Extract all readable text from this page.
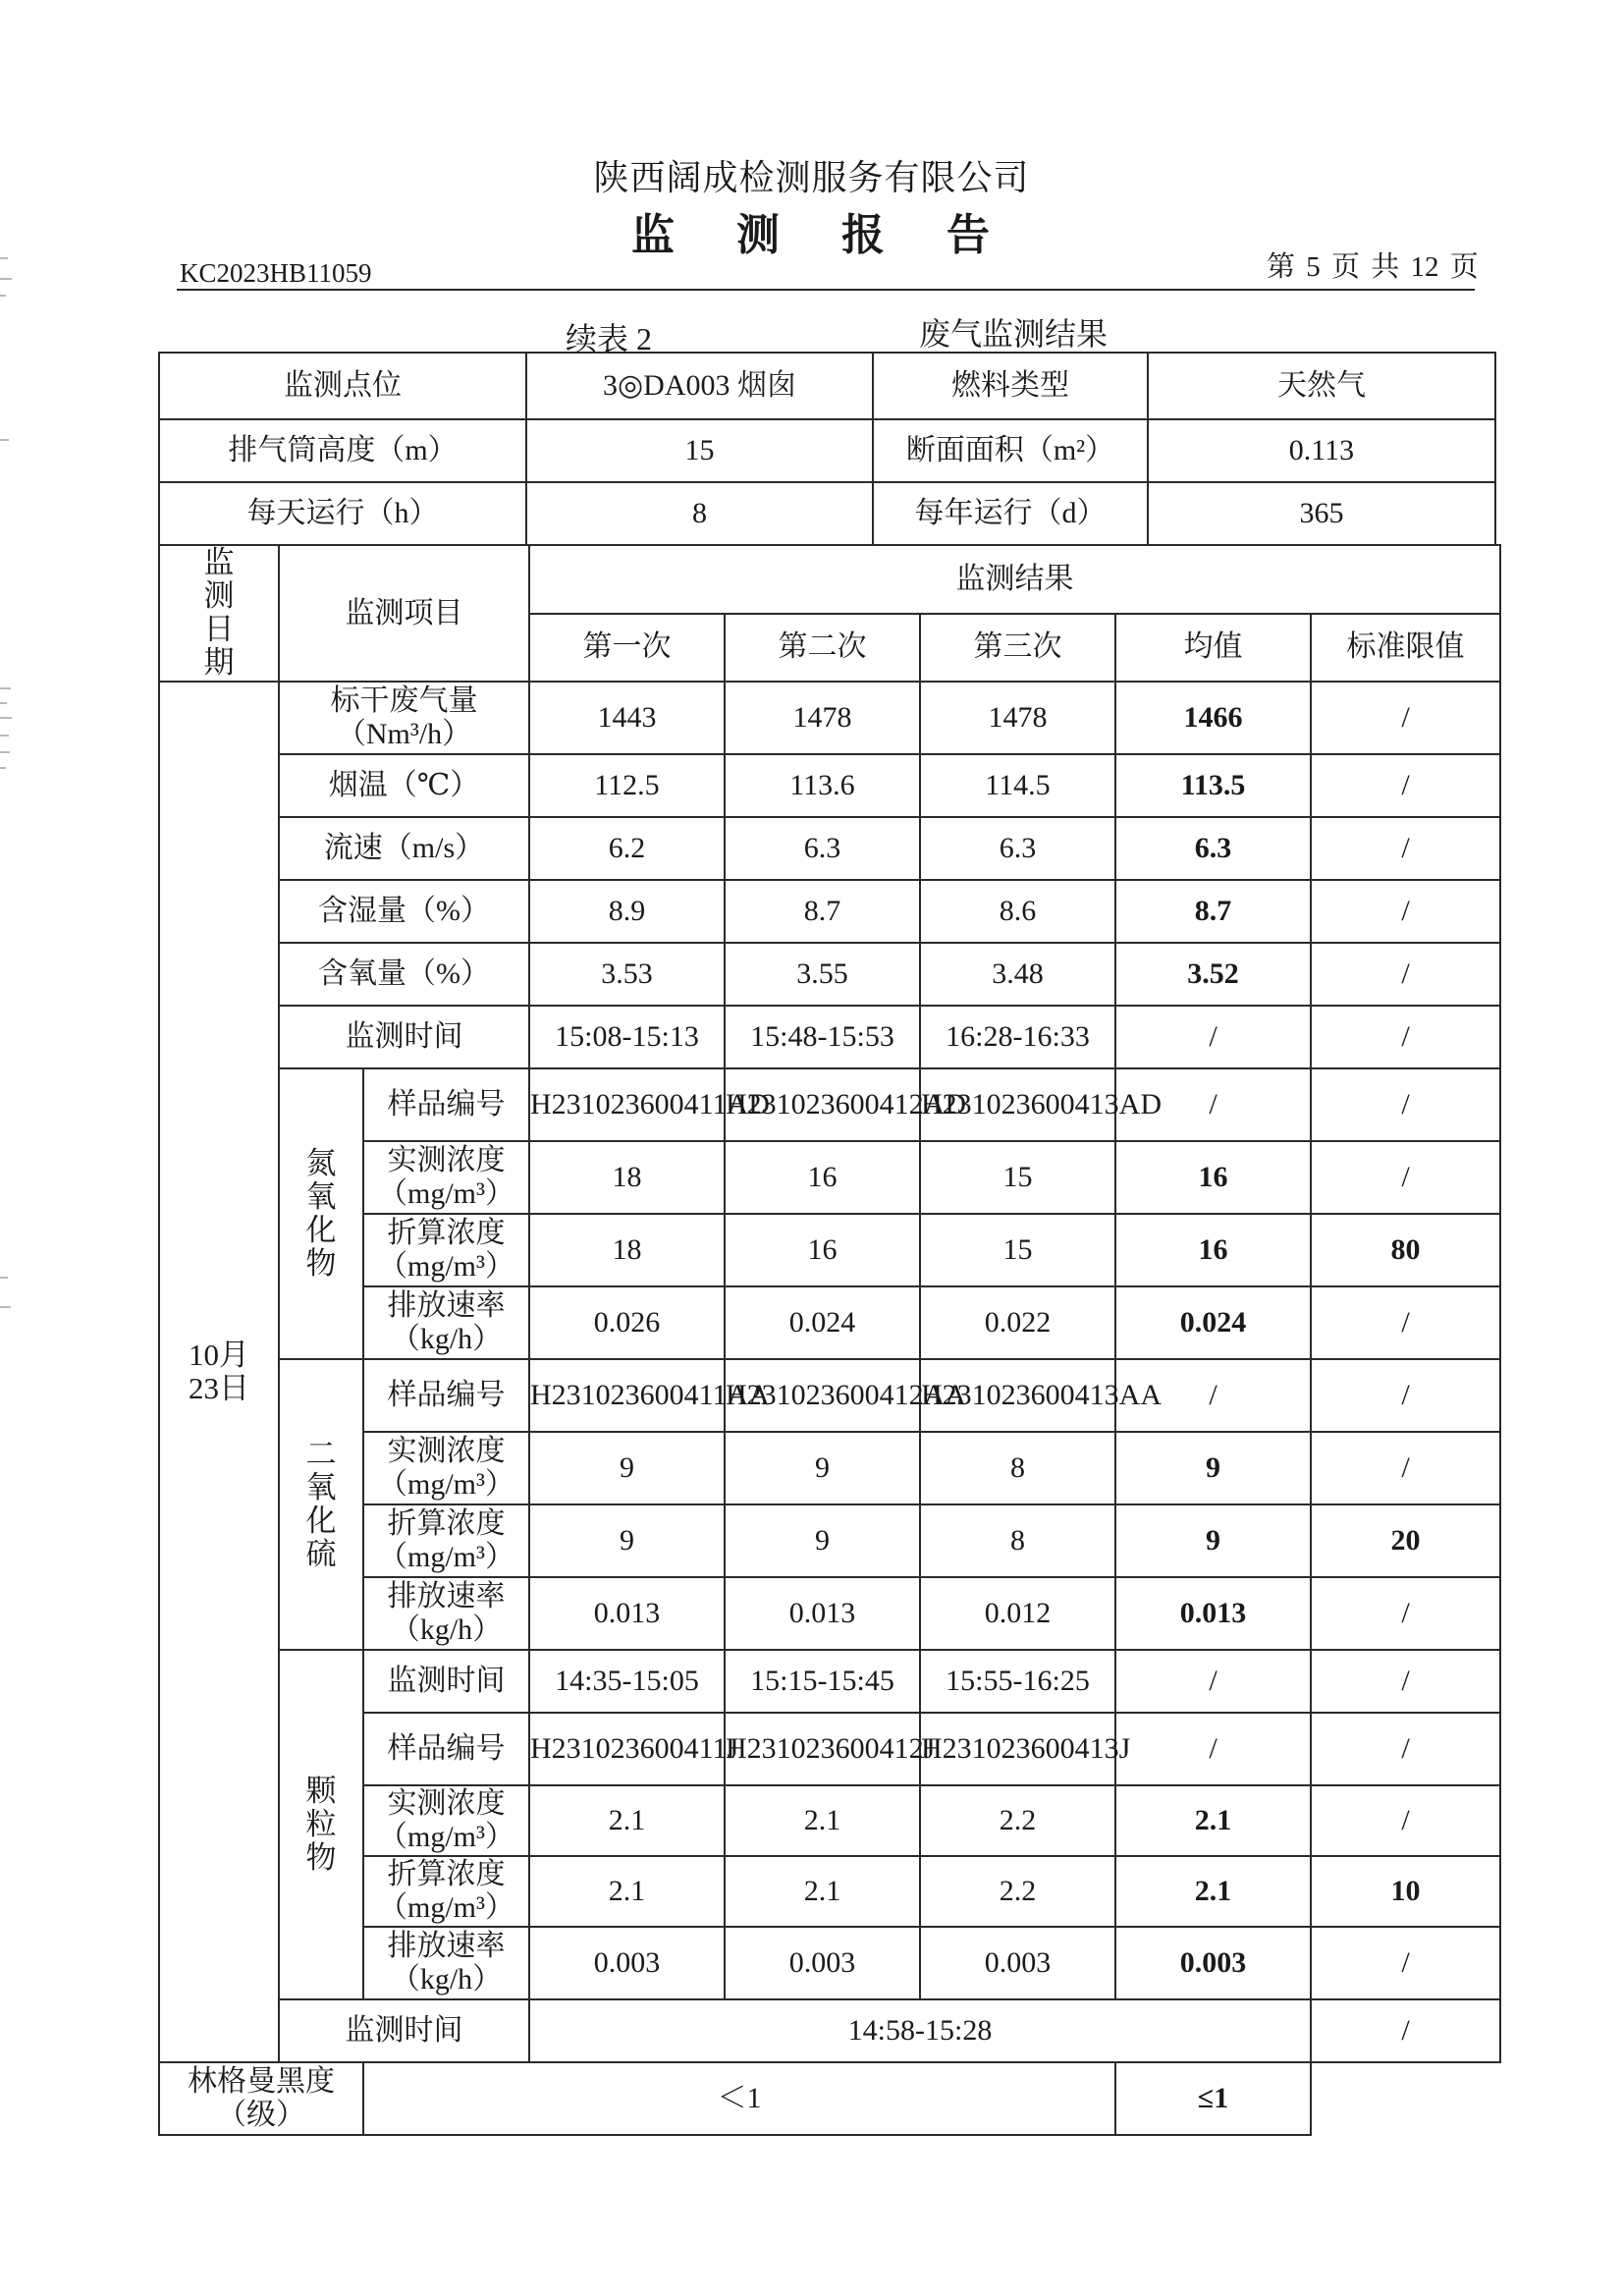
陕西阔成检测服务有限公司
监 测 报 告
KC2023HB11059	第 5 页 共 12 页
续表 2	废气监测结果
监测点位	3◎DA003 烟囱	燃料类型	天然气
排气筒高度（m）	15	断面面积（m²）	0.113
每天运行（h）	8	每年运行（d）	365
监测日期	监测项目		监测结果				
			第一次	第二次	第三次	均值	标准限值
10月23日	标干废气量（Nm³/h）		1443	1478	1478	1466	/
	烟温（℃）		112.5	113.6	114.5	113.5	/
	流速（m/s）		6.2	6.3	6.3	6.3	/
	含湿量（%）		8.9	8.7	8.6	8.7	/
	含氧量（%）		3.53	3.55	3.48	3.52	/
	监测时间		15:08-15:13	15:48-15:53	16:28-16:33	/	/
	氮氧化物	样品编号	H231023600411AD	H231023600412AD	H231023600413AD	/	/
		实测浓度（mg/m³）	18	16	15	16	/
		折算浓度（mg/m³）	18	16	15	16	80
		排放速率（kg/h）	0.026	0.024	0.022	0.024	/
	二氧化硫	样品编号	H231023600411AA	H231023600412AA	H231023600413AA	/	/
		实测浓度（mg/m³）	9	9	8	9	/
		折算浓度（mg/m³）	9	9	8	9	20
		排放速率（kg/h）	0.013	0.013	0.012	0.013	/
	颗粒物	监测时间	14:35-15:05	15:15-15:45	15:55-16:25	/	/
		样品编号	H231023600411J	H231023600412J	H231023600413J	/	/
		实测浓度（mg/m³）	2.1	2.1	2.2	2.1	/
		折算浓度（mg/m³）	2.1	2.1	2.2	2.1	10
		排放速率（kg/h）	0.003	0.003	0.003	0.003	/
	监测时间		14:58-15:28				/
林格曼黑度（级）		＜1				≤1	
